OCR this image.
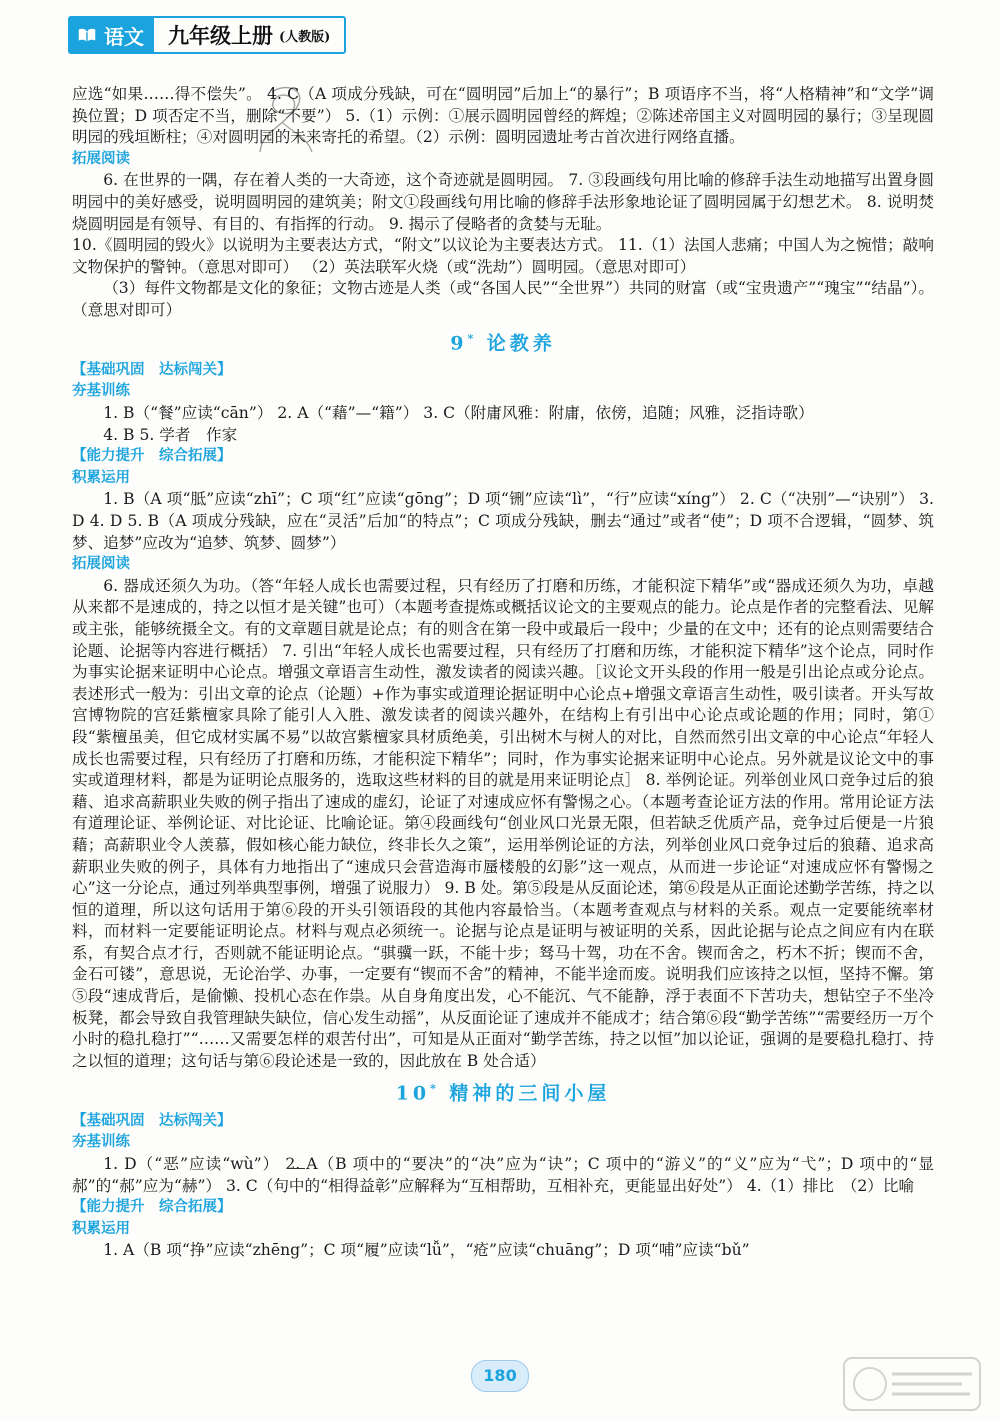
语文 九年级上册 (人教版)

应选“如果……得不偿失”。 4. C（A 项成分残缺，可在“圆明园”后加上“的暴行”；B 项语序不当，将“人格精神”和“文学”调换位置；D 项否定不当，删除“不要”） 5.（1）示例：①展示圆明园曾经的辉煌；②陈述帝国主义对圆明园的暴行；③呈现圆明园的残垣断柱；④对圆明园的未来寄托的希望。（2）示例：圆明园遗址考古首次进行网络直播。

拓展阅读

6. 在世界的一隅，存在着人类的一大奇迹，这个奇迹就是圆明园。 7. ③段画线句用比喻的修辞手法生动地描写出置身圆明园中的美好感受，说明圆明园的建筑美；附文①段画线句用比喻的修辞手法形象地论证了圆明园属于幻想艺术。 8. 说明焚烧圆明园是有领导、有目的、有指挥的行动。 9. 揭示了侵略者的贪婪与无耻。

10.《圆明园的毁火》以说明为主要表达方式，“附文”以议论为主要表达方式。 11.（1）法国人悲痛；中国人为之惋惜；敲响文物保护的警钟。（意思对即可） （2）英法联军火烧（或“洗劫”）圆明园。（意思对即可）

（3）每件文物都是文化的象征；文物古迹是人类（或“各国人民”“全世界”）共同的财富（或“宝贵遗产”“瑰宝”“结晶”）。（意思对即可）

9* 论教养
【基础巩固　达标闯关】
夯基训练

1. B（“餐”应读“cān”） 2. A（“藉”—“籍”） 3. C（附庸风雅：附庸，依傍，追随；风雅，泛指诗歌）

4. B 5. 学者　作家

【能力提升　综合拓展】
积累运用

1. B（A 项“胝”应读“zhī”；C 项“红”应读“gōng”；D 项“铏”应读“lì”，“行”应读“xíng”） 2. C（“决别”—“诀别”） 3. D 4. D 5. B（A 项成分残缺，应在“灵活”后加“的特点”；C 项成分残缺，删去“通过”或者“使”；D 项不合逻辑，“圆梦、筑梦、追梦”应改为“追梦、筑梦、圆梦”）

拓展阅读

6. 器成还须久为功。（答“年轻人成长也需要过程，只有经历了打磨和历练，才能积淀下精华”或“器成还须久为功，卓越从来都不是速成的，持之以恒才是关键”也可）（本题考查提炼或概括议论文的主要观点的能力。论点是作者的完整看法、见解或主张，能够统摄全文。有的文章题目就是论点；有的则含在第一段中或最后一段中；少量的在文中；还有的论点则需要结合论题、论据等内容进行概括） 7. 引出“年轻人成长也需要过程，只有经历了打磨和历练，才能积淀下精华”这个论点，同时作为事实论据来证明中心论点。增强文章语言生动性，激发读者的阅读兴趣。［议论文开头段的作用一般是引出论点或分论点。表述形式一般为：引出文章的论点（论题）+作为事实或道理论据证明中心论点+增强文章语言生动性，吸引读者。开头写故宫博物院的宫廷紫檀家具除了能引人入胜、激发读者的阅读兴趣外，在结构上有引出中心论点或论题的作用；同时，第①段“紫檀虽美，但它成材实属不易”以故宫紫檀家具材质绝美，引出树木与树人的对比，自然而然引出文章的中心论点“年轻人成长也需要过程，只有经历了打磨和历练，才能积淀下精华”；同时，作为事实论据来证明中心论点。另外就是议论文中的事实或道理材料，都是为证明论点服务的，选取这些材料的目的就是用来证明论点］ 8. 举例论证。列举创业风口竞争过后的狼藉、追求高薪职业失败的例子指出了速成的虚幻，论证了对速成应怀有警惕之心。（本题考查论证方法的作用。常用论证方法有道理论证、举例论证、对比论证、比喻论证。第④段画线句“创业风口光景无限，但若缺乏优质产品，竞争过后便是一片狼藉；高薪职业令人羡慕，假如核心能力缺位，终非长久之策”，运用举例论证的方法，列举创业风口竞争过后的狼藉、追求高薪职业失败的例子，具体有力地指出了“速成只会营造海市蜃楼般的幻影”这一观点，从而进一步论证“对速成应怀有警惕之心”这一分论点，通过列举典型事例，增强了说服力） 9. B 处。第⑤段是从反面论述，第⑥段是从正面论述勤学苦练，持之以恒的道理，所以这句话用于第⑥段的开头引领语段的其他内容最恰当。（本题考查观点与材料的关系。观点一定要能统率材料，而材料一定要能证明论点。材料与观点必须统一。论据与论点是证明与被证明的关系，因此论据与论点之间应有内在联系，有契合点才行，否则就不能证明论点。“骐骥一跃，不能十步；驽马十驾，功在不舍。锲而舍之，朽木不折；锲而不舍，金石可镂”，意思说，无论治学、办事，一定要有“锲而不舍”的精神，不能半途而废。说明我们应该持之以恒，坚持不懈。第⑤段“速成背后，是偷懒、投机心态在作祟。从自身角度出发，心不能沉、气不能静，浮于表面不下苦功夫，想钻空子不坐冷板凳，都会导致自我管理缺失缺位，信心发生动摇”，从反面论证了速成并不能成才；结合第⑥段“勤学苦练”“需要经历一万个小时的稳扎稳打”“……又需要怎样的艰苦付出”，可知是从正面对“勤学苦练，持之以恒”加以论证，强调的是要稳扎稳打、持之以恒的道理；这句话与第⑥段论述是一致的，因此放在 B 处合适）

10* 精神的三间小屋
【基础巩固　达标闯关】
夯基训练

1. D（“恶”应读“wù”） 2. A（B 项中的“要决”的“决”应为“诀”；C 项中的“游义”的“义”应为“弋”；D 项中的“显郝”的“郝”应为“赫”） 3. C（句中的“相得益彰”应解释为“互相帮助，互相补充，更能显出好处”） 4.（1）排比　（2）比喻

【能力提升　综合拓展】
积累运用

1. A（B 项“挣”应读“zhēng”；C 项“履”应读“lǚ”，“疮”应读“chuāng”；D 项“哺”应读“bǔ”

180
